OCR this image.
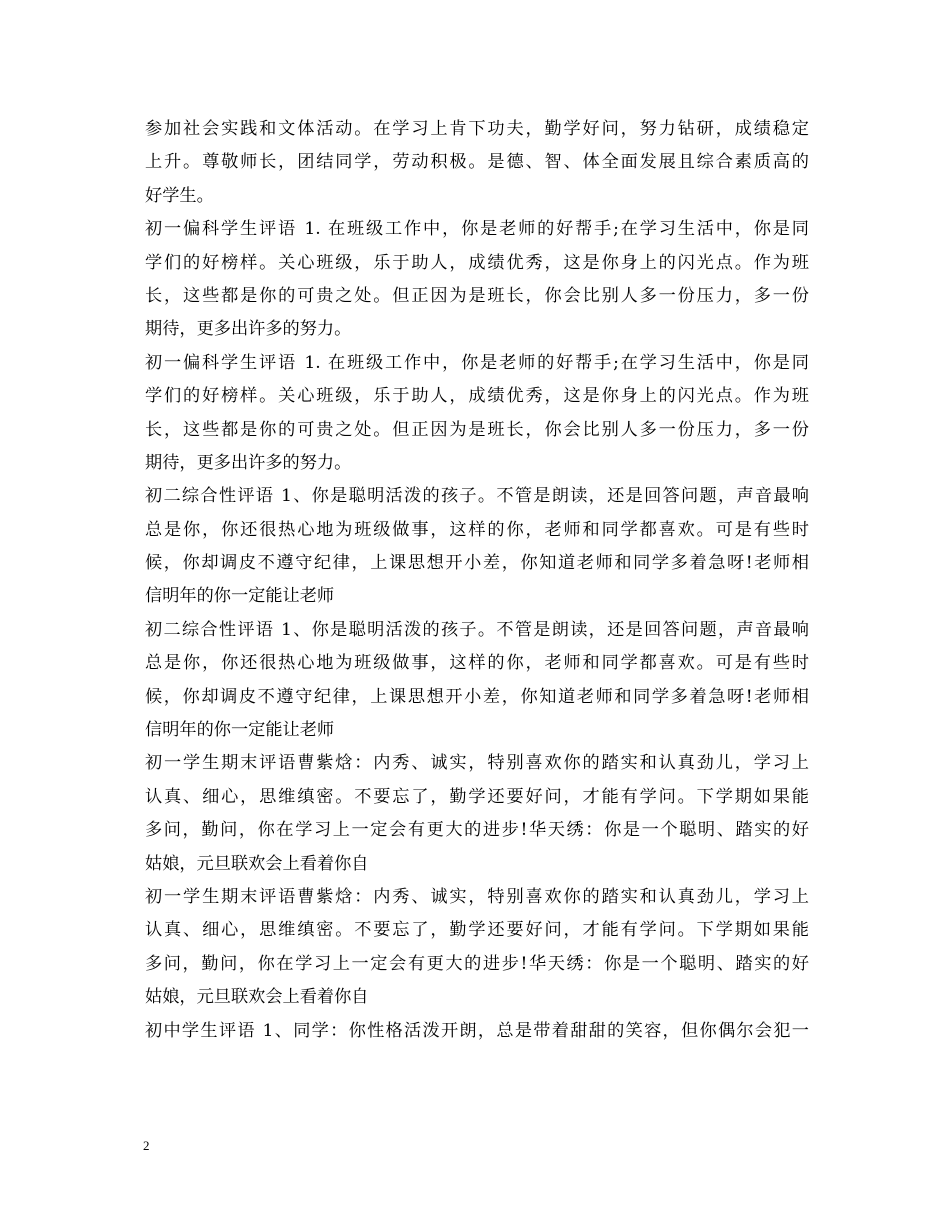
参加社会实践和文体活动。在学习上肯下功夫，勤学好问，努力钻研，成绩稳定
上升。尊敬师长，团结同学，劳动积极。是德、智、体全面发展且综合素质高的
好学生。
初一偏科学生评语 1. 在班级工作中，你是老师的好帮手;在学习生活中，你是同
学们的好榜样。关心班级，乐于助人，成绩优秀，这是你身上的闪光点。作为班
长，这些都是你的可贵之处。但正因为是班长，你会比别人多一份压力，多一份
期待，更多出许多的努力。
初一偏科学生评语 1. 在班级工作中，你是老师的好帮手;在学习生活中，你是同
学们的好榜样。关心班级，乐于助人，成绩优秀，这是你身上的闪光点。作为班
长，这些都是你的可贵之处。但正因为是班长，你会比别人多一份压力，多一份
期待，更多出许多的努力。
初二综合性评语 1、你是聪明活泼的孩子。不管是朗读，还是回答问题，声音最响
总是你，你还很热心地为班级做事，这样的你，老师和同学都喜欢。可是有些时
候，你却调皮不遵守纪律，上课思想开小差，你知道老师和同学多着急呀!老师相
信明年的你一定能让老师
初二综合性评语 1、你是聪明活泼的孩子。不管是朗读，还是回答问题，声音最响
总是你，你还很热心地为班级做事，这样的你，老师和同学都喜欢。可是有些时
候，你却调皮不遵守纪律，上课思想开小差，你知道老师和同学多着急呀!老师相
信明年的你一定能让老师
初一学生期末评语曹紫焓：内秀、诚实，特别喜欢你的踏实和认真劲儿，学习上
认真、细心，思维缜密。不要忘了，勤学还要好问，才能有学问。下学期如果能
多问，勤问，你在学习上一定会有更大的进步!华天绣：你是一个聪明、踏实的好
姑娘，元旦联欢会上看着你自
初一学生期末评语曹紫焓：内秀、诚实，特别喜欢你的踏实和认真劲儿，学习上
认真、细心，思维缜密。不要忘了，勤学还要好问，才能有学问。下学期如果能
多问，勤问，你在学习上一定会有更大的进步!华天绣：你是一个聪明、踏实的好
姑娘，元旦联欢会上看着你自
初中学生评语 1、同学：你性格活泼开朗，总是带着甜甜的笑容，但你偶尔会犯一
2
